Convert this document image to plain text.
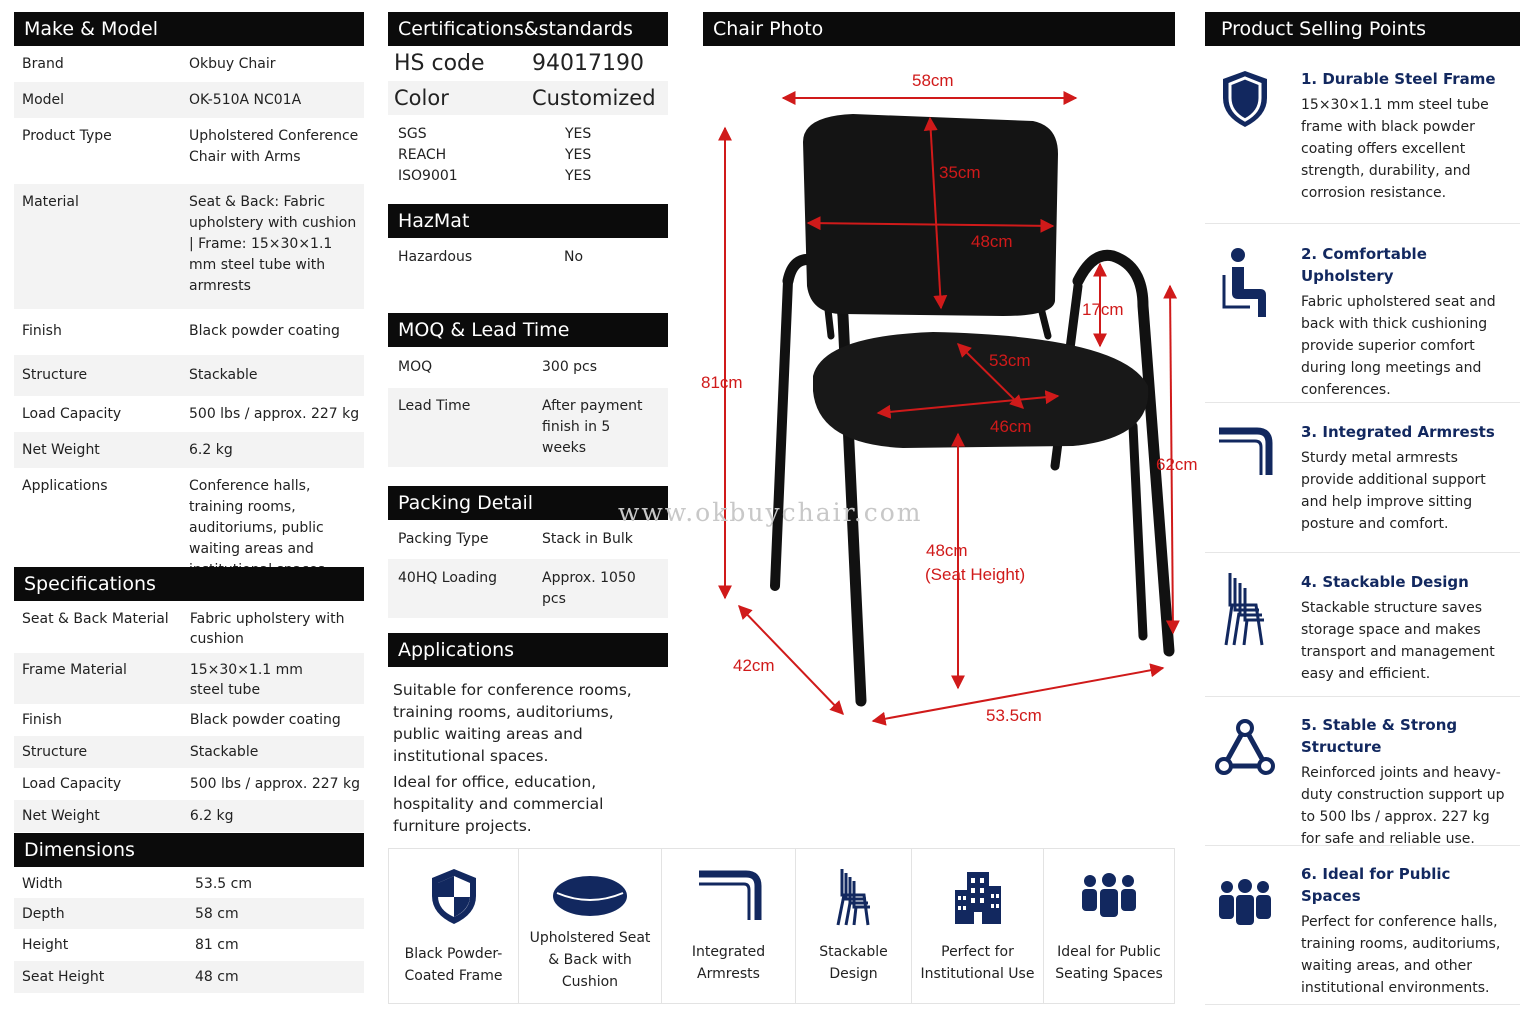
Make & Model
Brand	Okbuy Chair
Model	OK-510A NC01A
Product Type	Upholstered Conference Chair with Arms
Material	Seat & Back: Fabric upholstery with cushion | Frame: 15×30×1.1 mm steel tube with armrests
Finish	Black powder coating
Structure	Stackable
Load Capacity	500 lbs / approx. 227 kg
Net Weight	6.2 kg
Applications	Conference halls, training rooms, auditoriums, public waiting areas and
Specifications
Seat & Back Material	Fabric upholstery with cushion
Frame Material	15×30×1.1 mm steel tube
Finish	Black powder coating
Structure	Stackable
Load Capacity	500 lbs / approx. 227 kg
Net Weight	6.2 kg
Dimensions
Width	53.5 cm
Depth	58 cm
Height	81 cm
Seat Height	48 cm
Certifications&standards
HS code	94017190
Color	Customized
SGS	YES
REACH	YES
ISO9001	YES
HazMat
Hazardous	No
MOQ & Lead Time
MOQ	300 pcs
Lead Time	After payment finish in 5 weeks
Packing Detail
Packing Type	Stack in Bulk
40HQ Loading	Approx. 1050 pcs
Applications

Suitable for conference rooms, training rooms, auditoriums, public waiting areas and institutional spaces.

Ideal for office, education, hospitality and commercial furniture projects.

Chair Photo
58cm
35cm
48cm
17cm
53cm
46cm
81cm
62cm
48cm
(Seat Height)
42cm
53.5cm
www.okbuychair.com
Black Powder-
Coated Frame
Upholstered Seat
& Back with
Cushion
Integrated
Armrests
Stackable
Design
Perfect for
Institutional Use
Ideal for Public
Seating Spaces
Product Selling Points
1. Durable Steel Frame
15×30×1.1 mm steel tube frame with black powder coating offers excellent strength, durability, and corrosion resistance.
2. Comfortable Upholstery
Fabric upholstered seat and back with thick cushioning provide superior comfort during long meetings and conferences.
3. Integrated Armrests
Sturdy metal armrests provide additional support and help improve sitting posture and comfort.
4. Stackable Design
Stackable structure saves storage space and makes transport and management easy and efficient.
5. Stable & Strong Structure
Reinforced joints and heavy-duty construction support up to 500 lbs / approx. 227 kg for safe and reliable use.
6. Ideal for Public Spaces
Perfect for conference halls, training rooms, auditoriums, waiting areas, and other institutional environments.
